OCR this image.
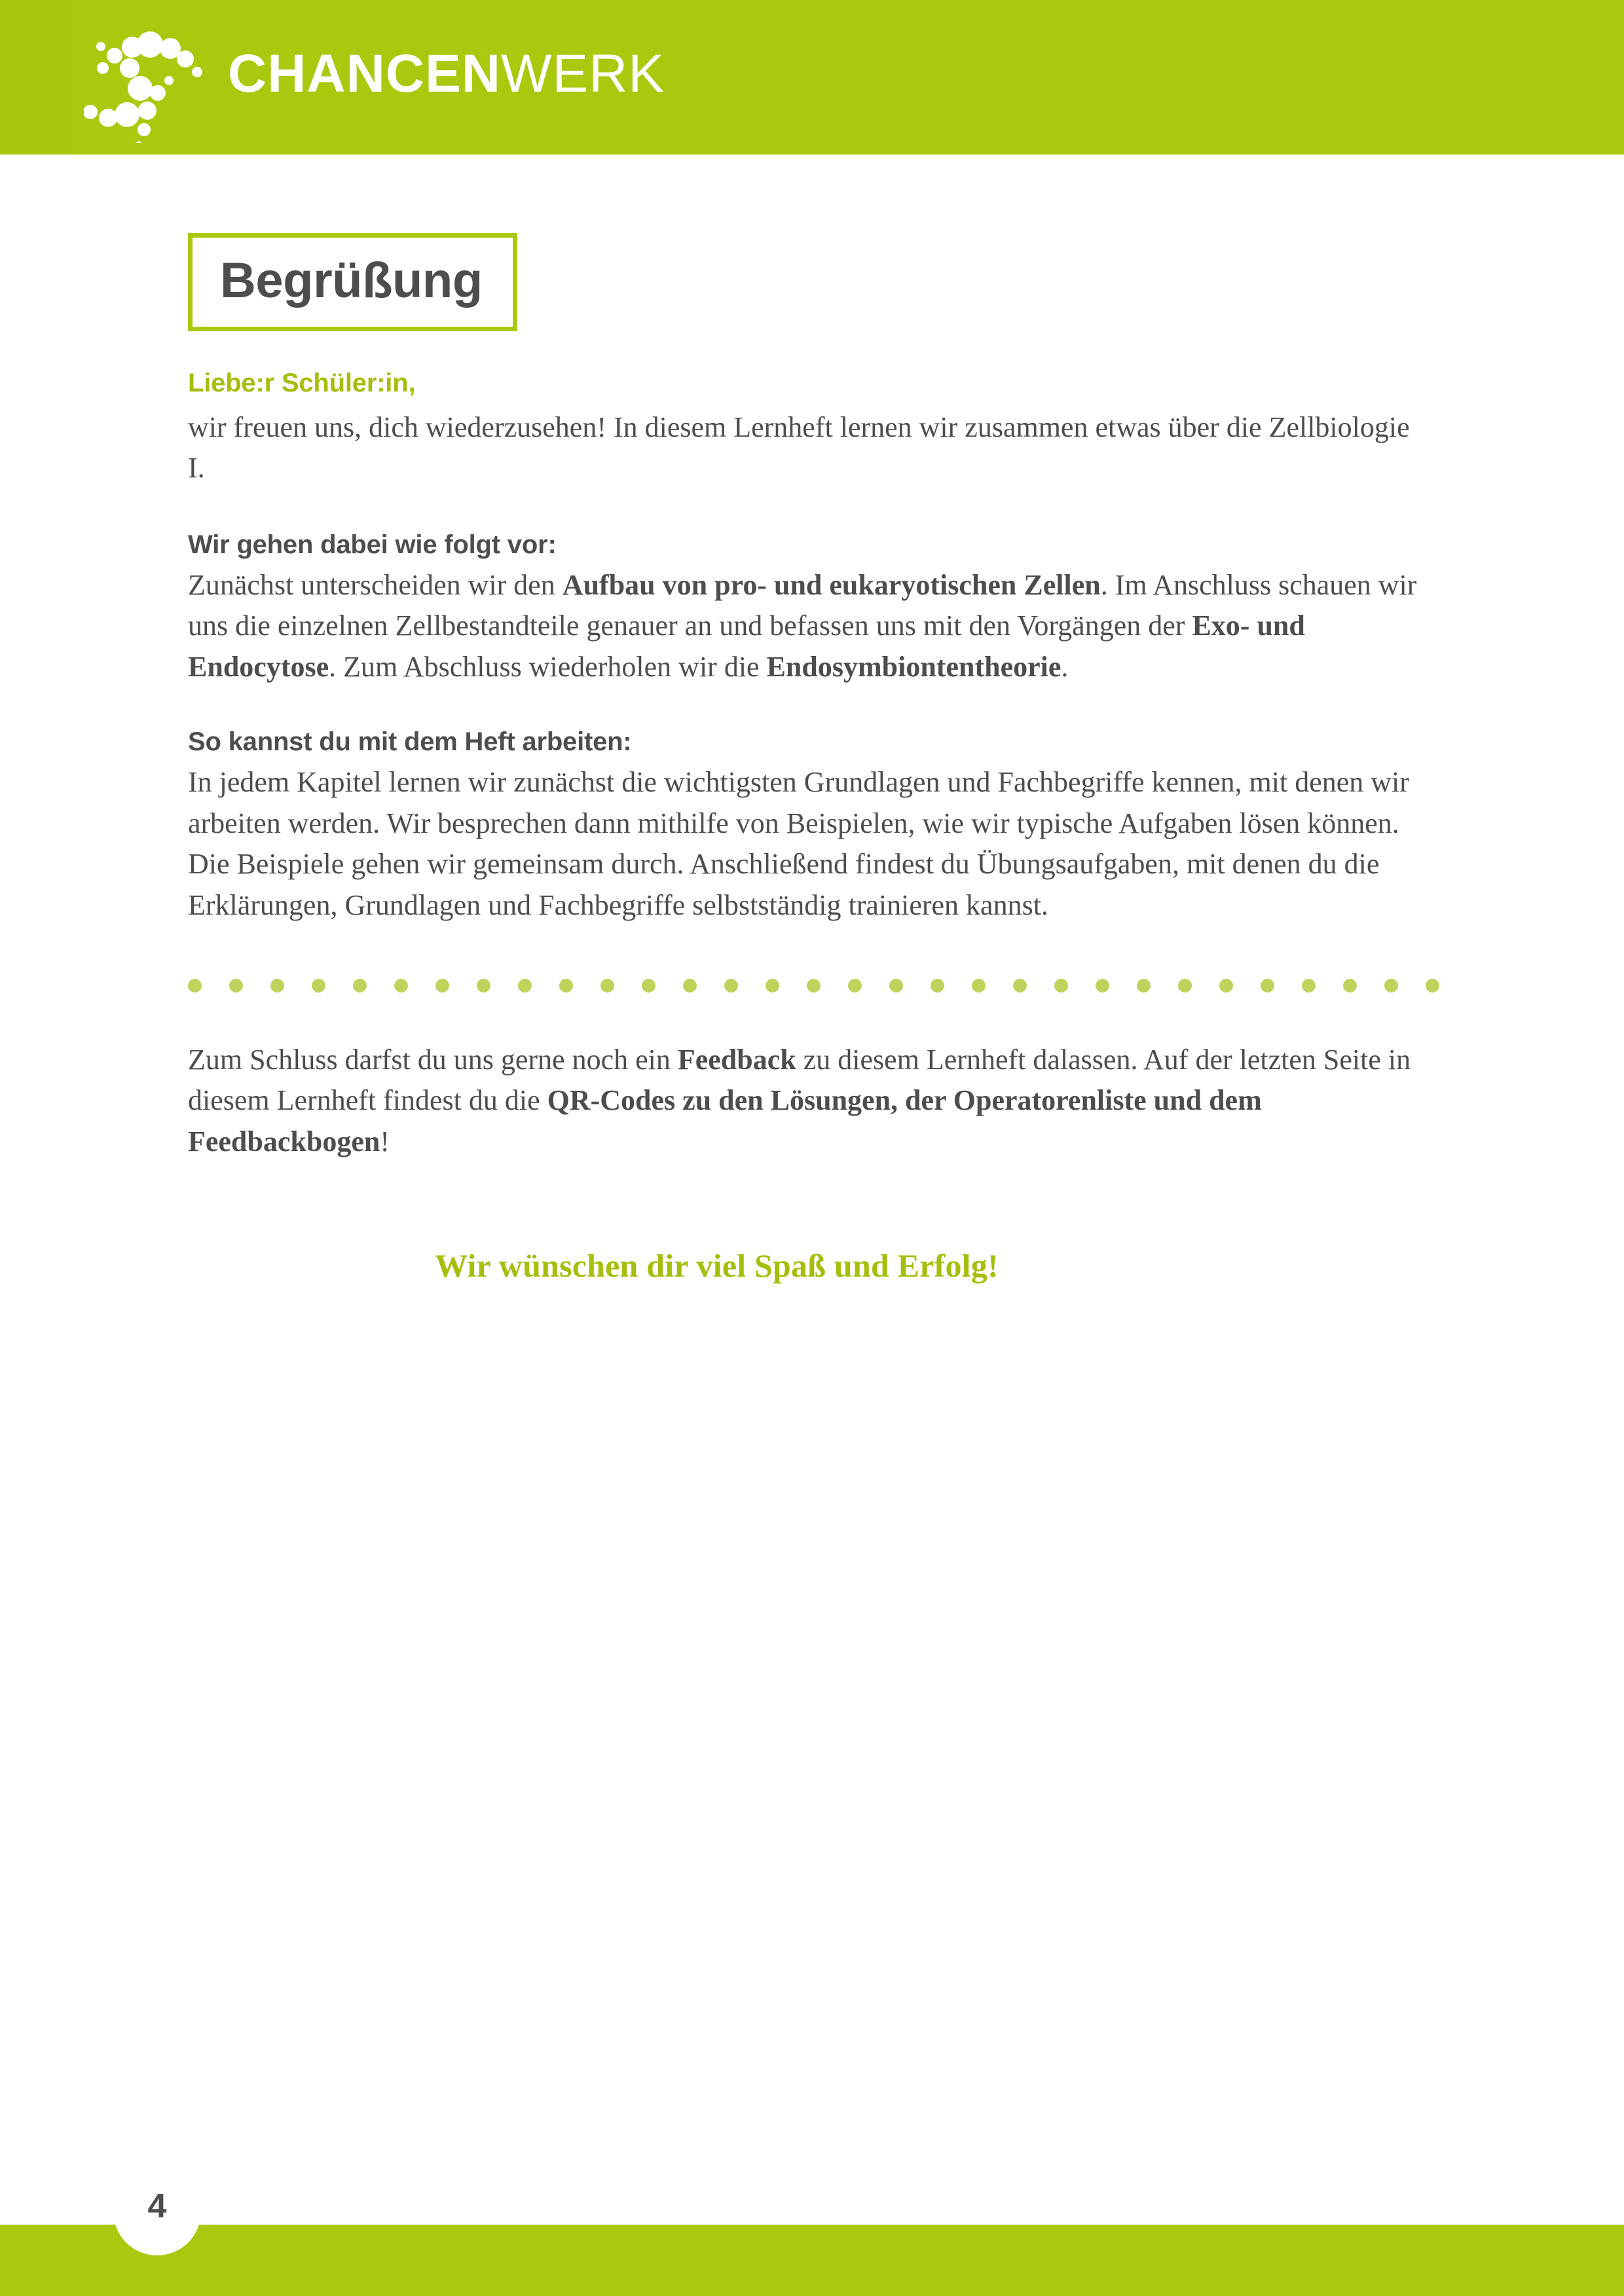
CHANCEN WERK
Begrüßung
Liebe:r Schüler:in,
wir freuen uns, dich wiederzusehen! In diesem Lernheft lernen wir zusammen etwas über die Zellbiologie I.
Wir gehen dabei wie folgt vor:
Zunächst unterscheiden wir den Aufbau von pro- und eukaryotischen Zellen. Im Anschluss schauen wir uns die einzelnen Zellbestandteile genauer an und befassen uns mit den Vorgängen der Exo- und Endocytose. Zum Abschluss wiederholen wir die Endosymbiontentheorie.
So kannst du mit dem Heft arbeiten:
In jedem Kapitel lernen wir zunächst die wichtigsten Grundlagen und Fachbegriffe kennen, mit denen wir arbeiten werden. Wir besprechen dann mithilfe von Beispielen, wie wir typische Aufgaben lösen können. Die Beispiele gehen wir gemeinsam durch. Anschließend findest du Übungsaufgaben, mit denen du die Erklärungen, Grundlagen und Fachbegriffe selbstständig trainieren kannst.
Zum Schluss darfst du uns gerne noch ein Feedback zu diesem Lernheft dalassen. Auf der letzten Seite in diesem Lernheft findest du die QR-Codes zu den Lösungen, der Operatorenliste und dem Feedbackbogen!
Wir wünschen dir viel Spaß und Erfolg!
4
